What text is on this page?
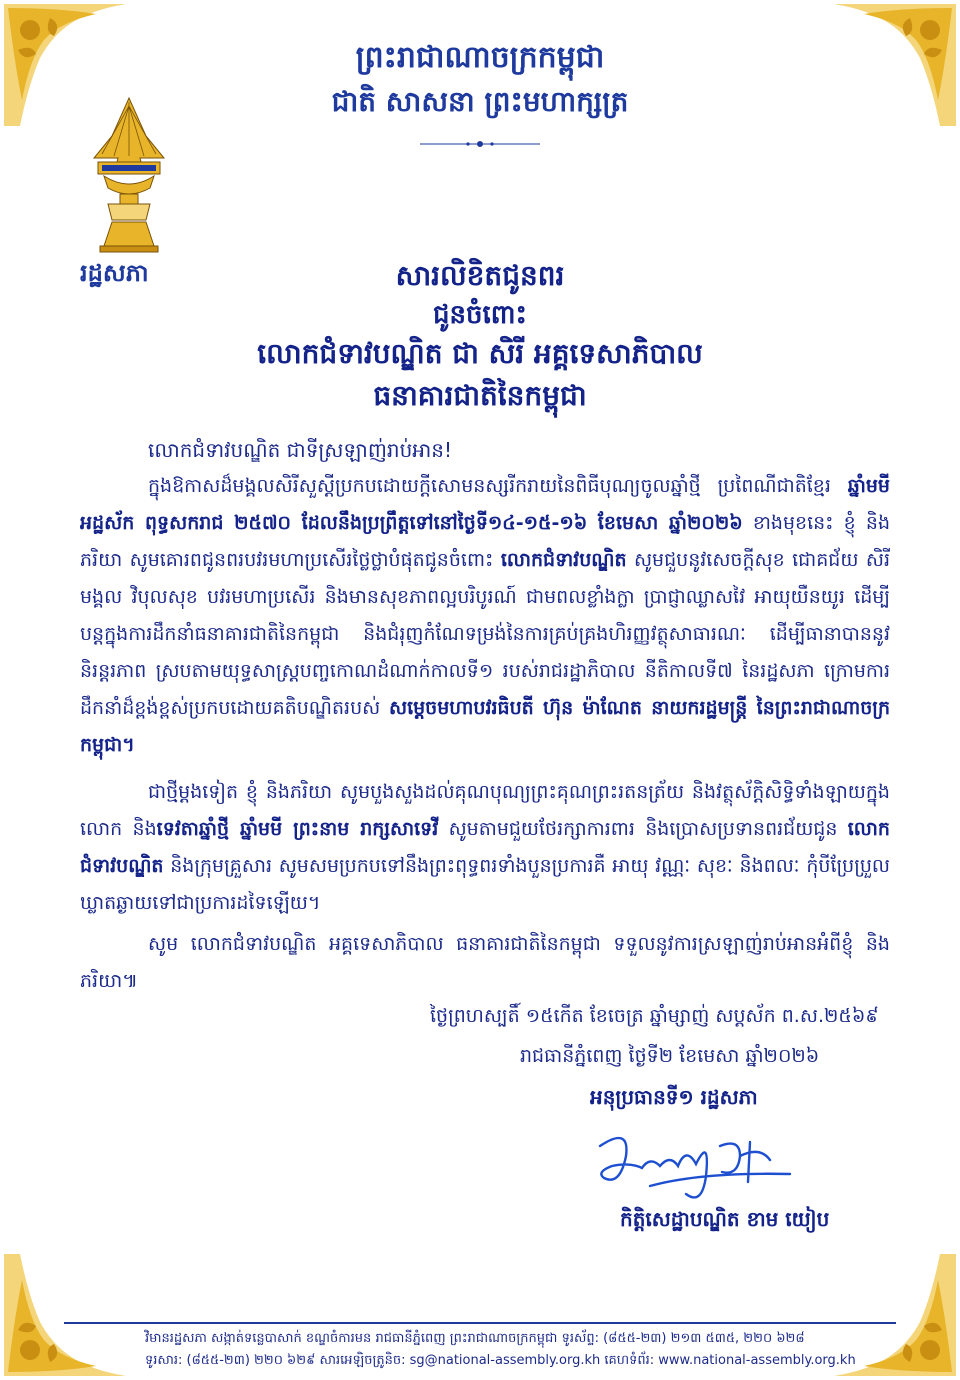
ព្រះរាជាណាចក្រកម្ពុជា
ជាតិ សាសនា ព្រះមហាក្សត្រ
រដ្ឋសភា	សារលិខិតជូនពរ
ជូនចំពោះ
លោកជំទាវបណ្ឌិត ជា សិរី អគ្គទេសាភិបាល
ធនាគារជាតិនៃកម្ពុជា
លោកជំទាវបណ្ឌិត ជាទីស្រឡាញ់រាប់អាន!
ក្នុងឱកាសដ៏មង្គលសិរីសួស្តីប្រកបដោយក្តីសោមនស្សរីករាយនៃពិធីបុណ្យចូលឆ្នាំថ្មី ប្រពៃណីជាតិខ្មែរ ឆ្នាំមមី អដ្ឋស័ក ពុទ្ធសករាជ ២៥៧០ ដែលនឹងប្រព្រឹត្តទៅនៅថ្ងៃទី១៤-១៥-១៦ ខែមេសា ឆ្នាំ២០២៦ ខាងមុខនេះ ខ្ញុំ និងភរិយា សូមគោរពជូនពរបវរមហាប្រសើរថ្លៃថ្លាបំផុតជូនចំពោះ លោកជំទាវបណ្ឌិត សូមជួបនូវសេចក្តីសុខ ជោគជ័យ សិរីមង្គល វិបុលសុខ បវរមហាប្រសើរ និងមានសុខភាពល្អបរិបូរណ៍ ជាមពលខ្លាំងក្លា ប្រាជ្ញាឈ្លាសវៃ អាយុយឺនយូរ ដើម្បីបន្តក្នុងការដឹកនាំធនាគារជាតិនៃកម្ពុជា និងជំរុញកំណែទម្រង់នៃការគ្រប់គ្រងហិរញ្ញវត្ថុសាធារណៈ ដើម្បីធានាបាននូវនិរន្តរភាព ស្របតាមយុទ្ធសាស្ត្របញ្ចកោណដំណាក់កាលទី១ របស់រាជរដ្ឋាភិបាល នីតិកាលទី៧ នៃរដ្ឋសភា ក្រោមការដឹកនាំដ៏ខ្ពង់ខ្ពស់ប្រកបដោយគតិបណ្ឌិតរបស់ សម្តេចមហាបវរធិបតី ហ៊ុន ម៉ាណែត នាយករដ្ឋមន្ត្រី នៃព្រះរាជាណាចក្រកម្ពុជា។
ជាថ្មីម្តងទៀត ខ្ញុំ និងភរិយា សូមបួងសួងដល់គុណបុណ្យព្រះគុណព្រះរតនត្រ័យ និងវត្ថុស័ក្តិសិទ្ធិទាំងឡាយក្នុងលោក និងទេវតាឆ្នាំថ្មី ឆ្នាំមមី ព្រះនាម រាក្សសាទេវី សូមតាមជួយថែរក្សាការពារ និងប្រោសប្រទានពរជ័យជូន លោកជំទាវបណ្ឌិត និងក្រុមគ្រួសារ សូមសមប្រកបទៅនឹងព្រះពុទ្ធពរទាំងបួនប្រការគឺ អាយុ វណ្ណៈ សុខៈ និងពលៈ កុំបីប្រែប្រួលឃ្លាតឆ្ងាយទៅជាប្រការដទៃឡើយ។
សូម លោកជំទាវបណ្ឌិត អគ្គទេសាភិបាល ធនាគារជាតិនៃកម្ពុជា ទទួលនូវការស្រឡាញ់រាប់អានអំពីខ្ញុំ និងភរិយា៕
ថ្ងៃព្រហស្បតិ៍ ១៥កើត ខែចេត្រ ឆ្នាំម្សាញ់ សប្តស័ក ព.ស.២៥៦៩
រាជធានីភ្នំពេញ ថ្ងៃទី២ ខែមេសា ឆ្នាំ២០២៦
អនុប្រធានទី១ រដ្ឋសភា
កិត្តិសេដ្ឋាបណ្ឌិត ខាម យៀប
វិមានរដ្ឋសភា សង្កាត់ទន្លេបាសាក់ ខណ្ឌចំការមន រាជធានីភ្នំពេញ ព្រះរាជាណាចក្រកម្ពុជា ទូរស័ព្ទ: (៨៥៥-២៣) ២១៣ ៥៣៥, ២២០ ៦២៨
ទូរសារ: (៨៥៥-២៣) ២២០ ៦២៩ សារអេឡិចត្រូនិច: sg@national-assembly.org.kh គេហទំព័រ: www.national-assembly.org.kh
